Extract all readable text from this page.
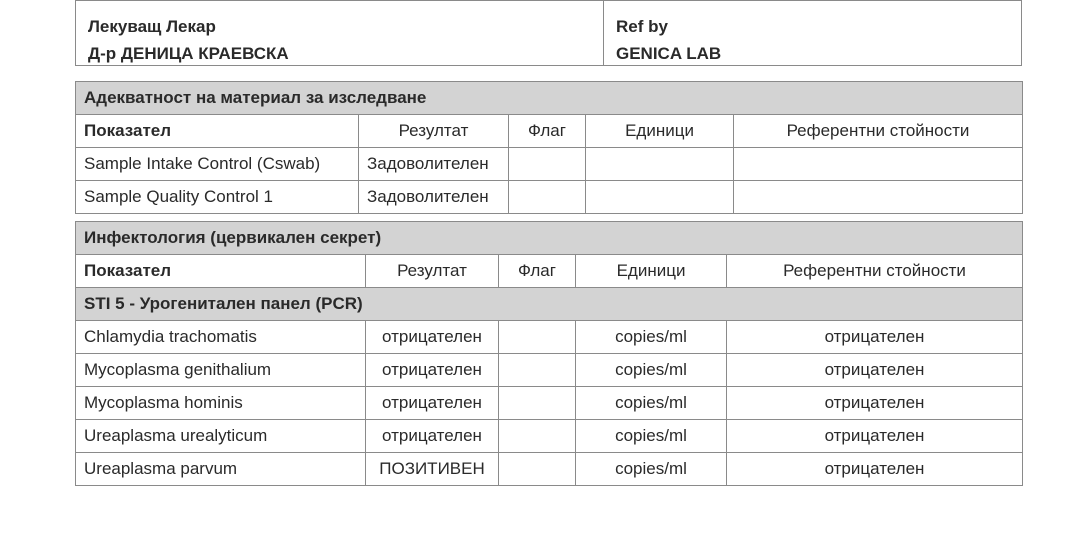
Лекуващ Лекар
Д-р ДЕНИЦА КРАЕВСКА
Ref by
GENICA LAB
Адекватност на материал за изследване				
Показател	Резултат	Флаг	Единици	Референтни стойности
Sample Intake Control (Cswab)	Задоволителен			
Sample Quality Control 1	Задоволителен			
Инфектология (цервикален секрет)				
Показател	Резултат	Флаг	Единици	Референтни стойности
STI 5 - Урогенитален панел (PCR)				
Chlamydia trachomatis	отрицателен		copies/ml	отрицателен
Mycoplasma genithalium	отрицателен		copies/ml	отрицателен
Mycoplasma hominis	отрицателен		copies/ml	отрицателен
Ureaplasma urealyticum	отрицателен		copies/ml	отрицателен
Ureaplasma parvum	ПОЗИТИВЕН		copies/ml	отрицателен
